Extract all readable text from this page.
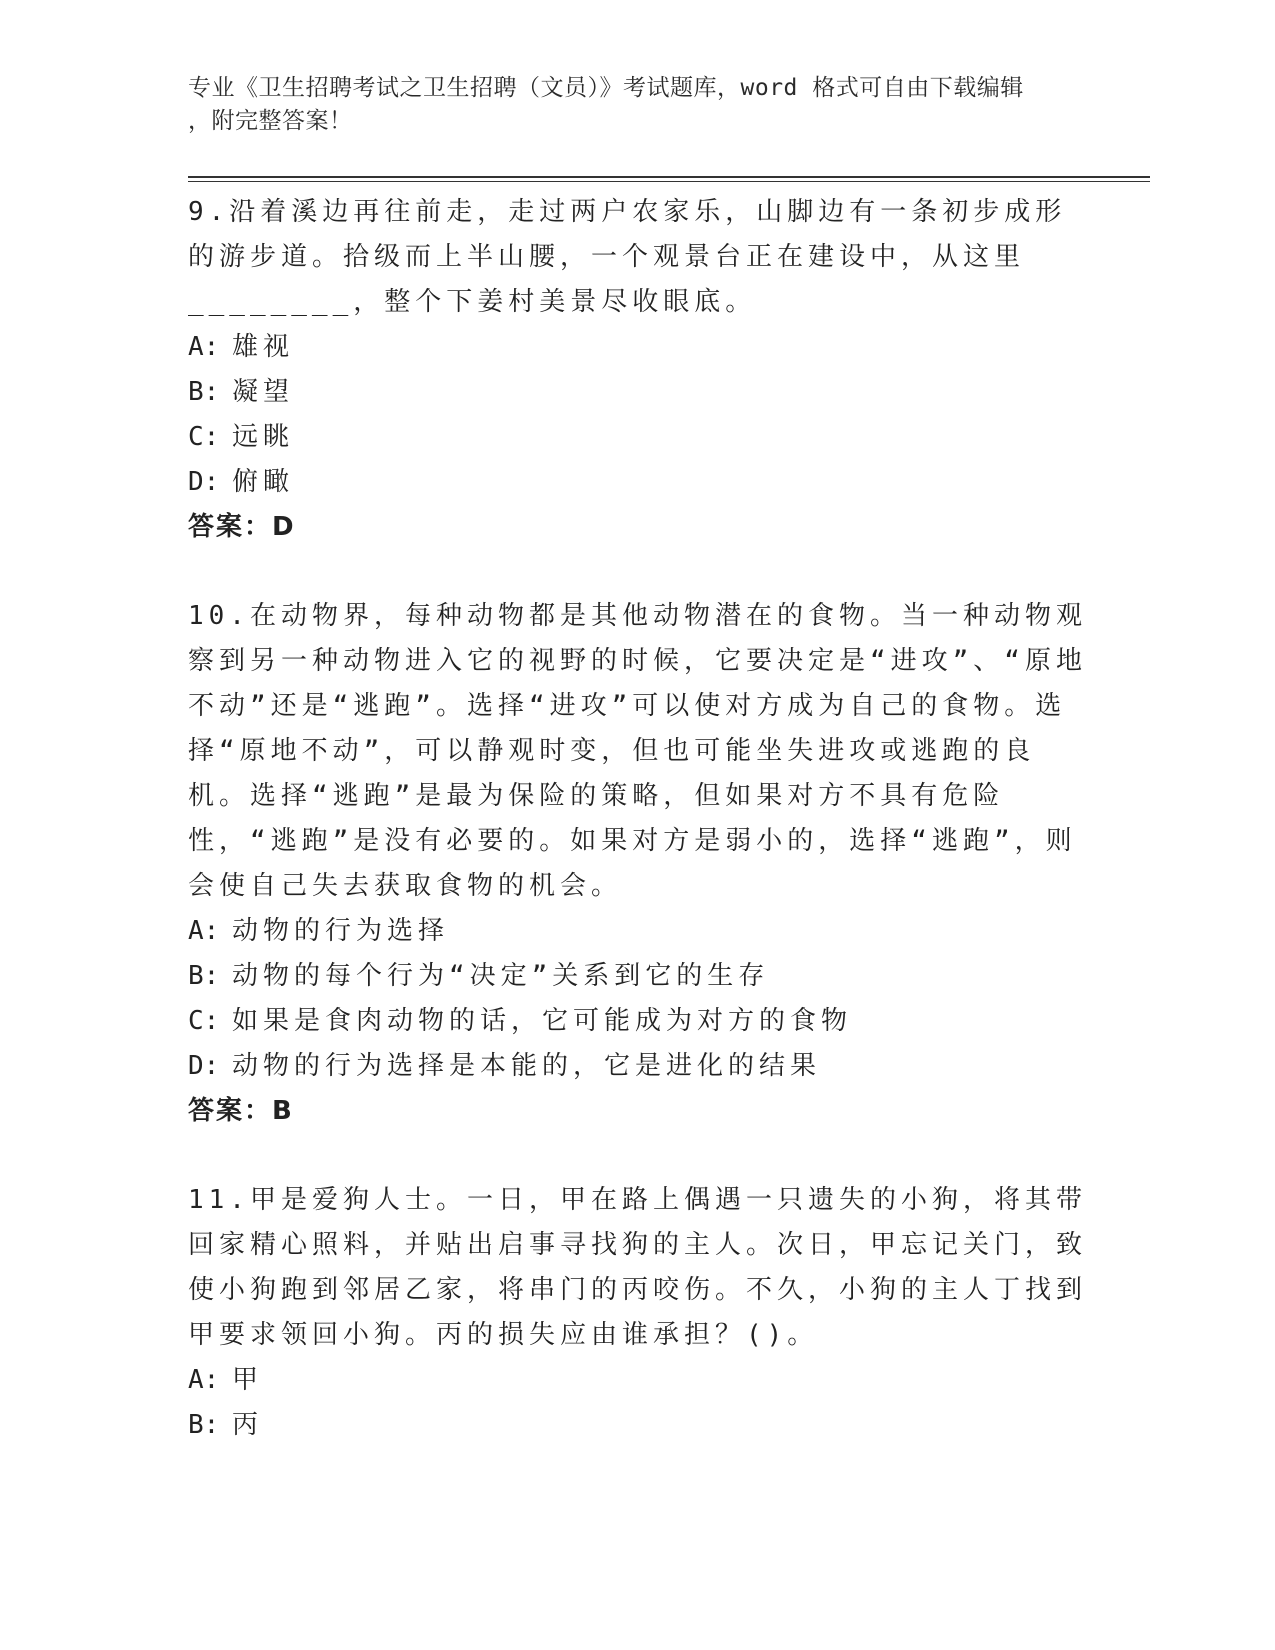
专业《卫生招聘考试之卫生招聘（文员）》考试题库，word 格式可自由下载编辑
，附完整答案！

9.沿着溪边再往前走，走过两户农家乐，山脚边有一条初步成形的游步道。拾级而上半山腰，一个观景台正在建设中，从这里________，整个下姜村美景尽收眼底。

A: 雄视

B: 凝望

C: 远眺

D: 俯瞰

答案：D

10.在动物界，每种动物都是其他动物潜在的食物。当一种动物观察到另一种动物进入它的视野的时候，它要决定是“进攻”、“原地不动”还是“逃跑”。选择“进攻”可以使对方成为自己的食物。选择“原地不动”，可以静观时变，但也可能坐失进攻或逃跑的良机。选择“逃跑”是最为保险的策略，但如果对方不具有危险性，“逃跑”是没有必要的。如果对方是弱小的，选择“逃跑”，则会使自己失去获取食物的机会。

A: 动物的行为选择

B: 动物的每个行为“决定”关系到它的生存

C: 如果是食肉动物的话，它可能成为对方的食物

D: 动物的行为选择是本能的，它是进化的结果

答案：B

11.甲是爱狗人士。一日，甲在路上偶遇一只遗失的小狗，将其带回家精心照料，并贴出启事寻找狗的主人。次日，甲忘记关门，致使小狗跑到邻居乙家，将串门的丙咬伤。不久，小狗的主人丁找到甲要求领回小狗。丙的损失应由谁承担？()。

A: 甲

B: 丙
